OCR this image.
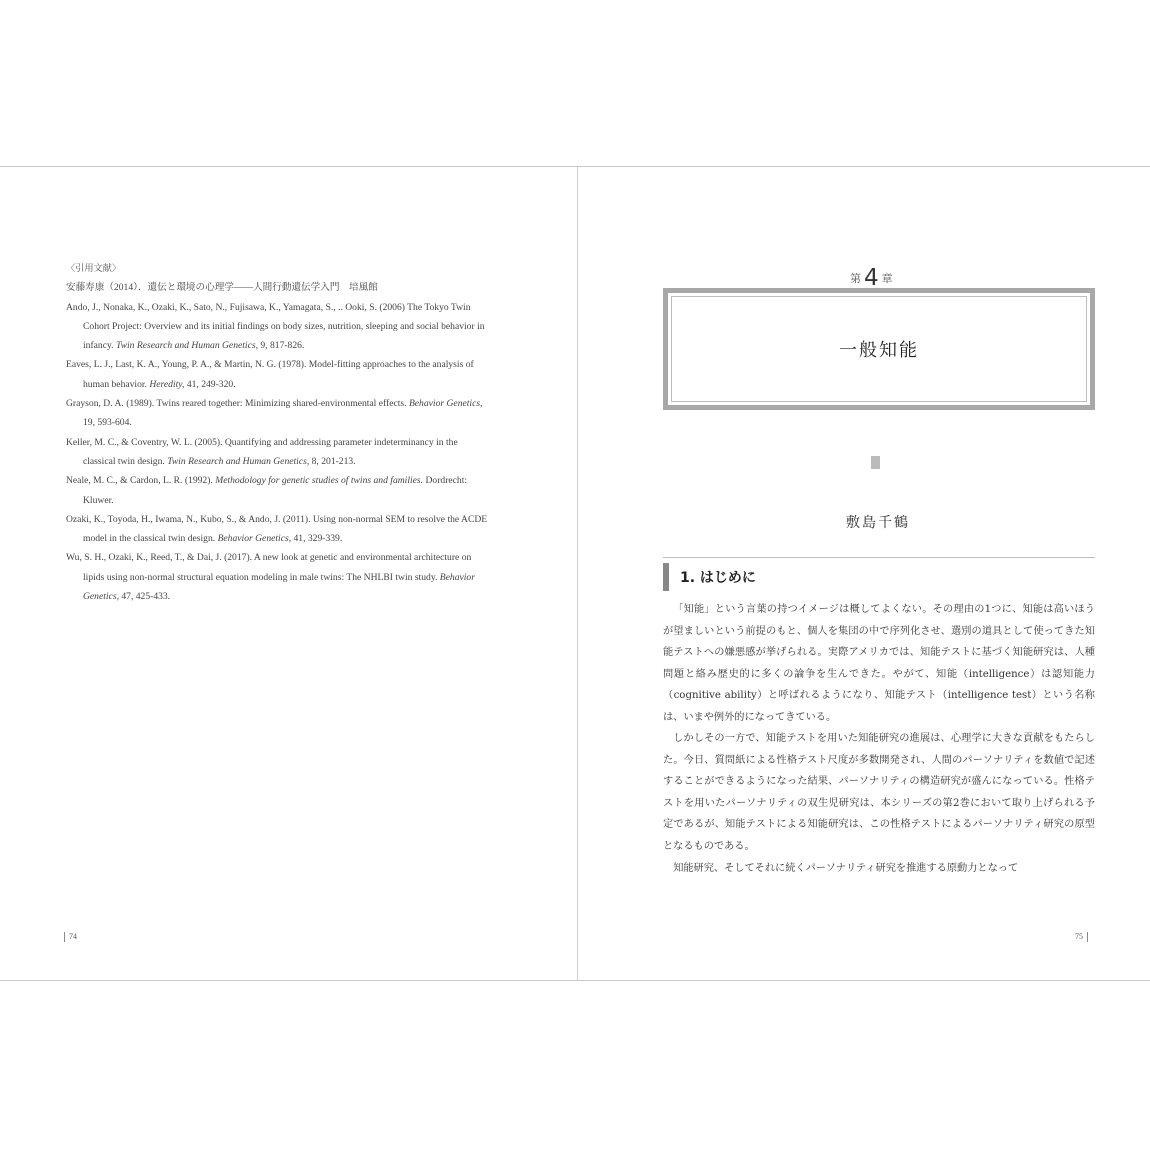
〈引用文献〉
安藤寿康（2014）．遺伝と環境の心理学——人間行動遺伝学入門　培風館
Ando, J., Nonaka, K., Ozaki, K., Sato, N., Fujisawa, K., Yamagata, S., .. Ooki, S. (2006) The Tokyo Twin Cohort Project: Overview and its initial findings on body sizes, nutrition, sleeping and social behavior in infancy. Twin Research and Human Genetics, 9, 817-826.
Eaves, L. J., Last, K. A., Young, P. A., & Martin, N. G. (1978). Model-fitting approaches to the analysis of human behavior. Heredity, 41, 249-320.
Grayson, D. A. (1989). Twins reared together: Minimizing shared-environmental effects. Behavior Genetics, 19, 593-604.
Keller, M. C., & Coventry, W. L. (2005). Quantifying and addressing parameter indeterminancy in the classical twin design. Twin Research and Human Genetics, 8, 201-213.
Neale, M. C., & Cardon, L. R. (1992). Methodology for genetic studies of twins and families. Dordrecht: Kluwer.
Ozaki, K., Toyoda, H., Iwama, N., Kubo, S., & Ando, J. (2011). Using non-normal SEM to resolve the ACDE model in the classical twin design. Behavior Genetics, 41, 329-339.
Wu, S. H., Ozaki, K., Reed, T., & Dai, J. (2017). A new look at genetic and environmental architecture on lipids using non-normal structural equation modeling in male twins: The NHLBI twin study. Behavior Genetics, 47, 425-433.
74
第 4 章
一般知能
敷島千鶴
1. はじめに

「知能」という言葉の持つイメージは概してよくない。その理由の1つに、知能は高いほうが望ましいという前提のもと、個人を集団の中で序列化させ、選別の道具として使ってきた知能テストへの嫌悪感が挙げられる。実際アメリカでは、知能テストに基づく知能研究は、人種問題と絡み歴史的に多くの論争を生んできた。やがて、知能（intelligence）は認知能力（cognitive ability）と呼ばれるようになり、知能テスト（intelligence test）という名称は、いまや例外的になってきている。

しかしその一方で、知能テストを用いた知能研究の進展は、心理学に大きな貢献をもたらした。今日、質問紙による性格テスト尺度が多数開発され、人間のパーソナリティを数値で記述することができるようになった結果、パーソナリティの構造研究が盛んになっている。性格テストを用いたパーソナリティの双生児研究は、本シリーズの第2巻において取り上げられる予定であるが、知能テストによる知能研究は、この性格テストによるパーソナリティ研究の原型となるものである。

知能研究、そしてそれに続くパーソナリティ研究を推進する原動力となって

75
